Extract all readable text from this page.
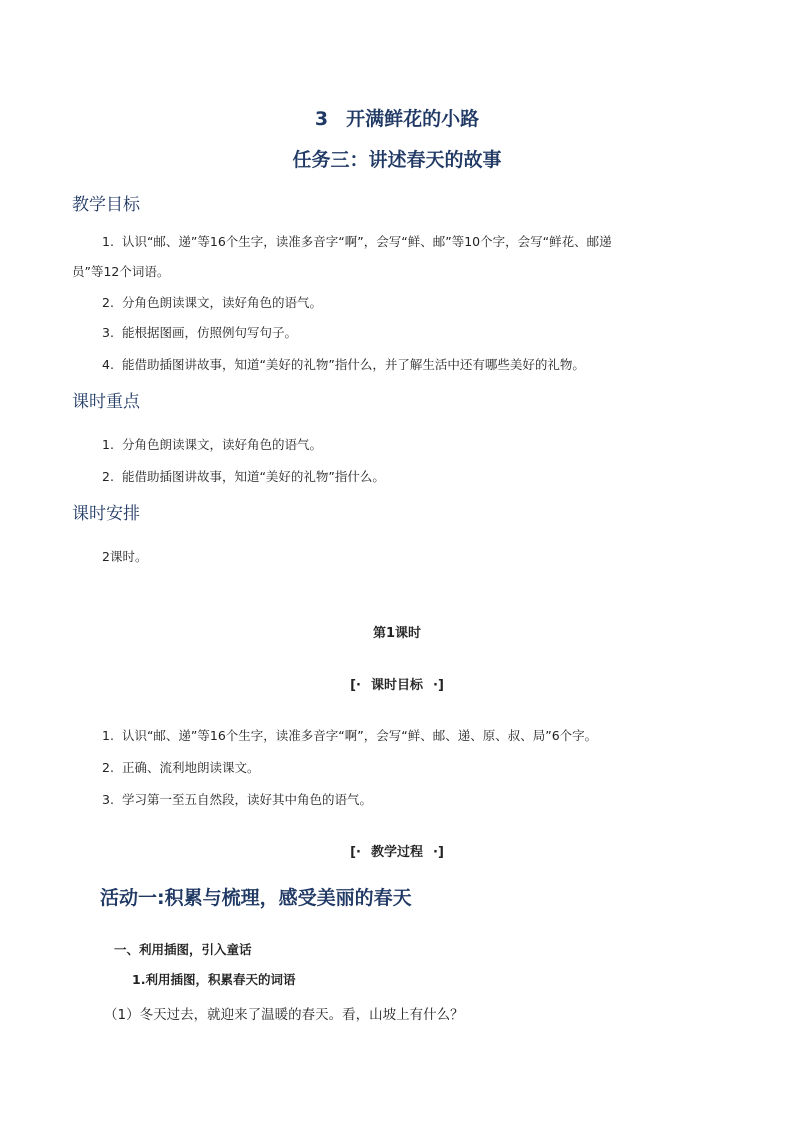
3 开满鲜花的小路
任务三：讲述春天的故事
教学目标
1. 认识“邮、递”等16个生字，读准多音字“啊”，会写“鲜、邮”等10个字，会写“鲜花、邮递
员”等12个词语。
2. 分角色朗读课文，读好角色的语气。
3. 能根据图画，仿照例句写句子。
4. 能借助插图讲故事，知道“美好的礼物”指什么，并了解生活中还有哪些美好的礼物。
课时重点
1. 分角色朗读课文，读好角色的语气。
2. 能借助插图讲故事，知道“美好的礼物”指什么。
课时安排
2课时。
第1课时
[· 课时目标 ·]
1. 认识“邮、递”等16个生字，读准多音字“啊”，会写“鲜、邮、递、原、叔、局”6个字。
2. 正确、流利地朗读课文。
3. 学习第一至五自然段，读好其中角色的语气。
[· 教学过程 ·]
活动一:积累与梳理，感受美丽的春天
一、利用插图，引入童话
1.利用插图，积累春天的词语
（1）冬天过去，就迎来了温暖的春天。看，山坡上有什么？
